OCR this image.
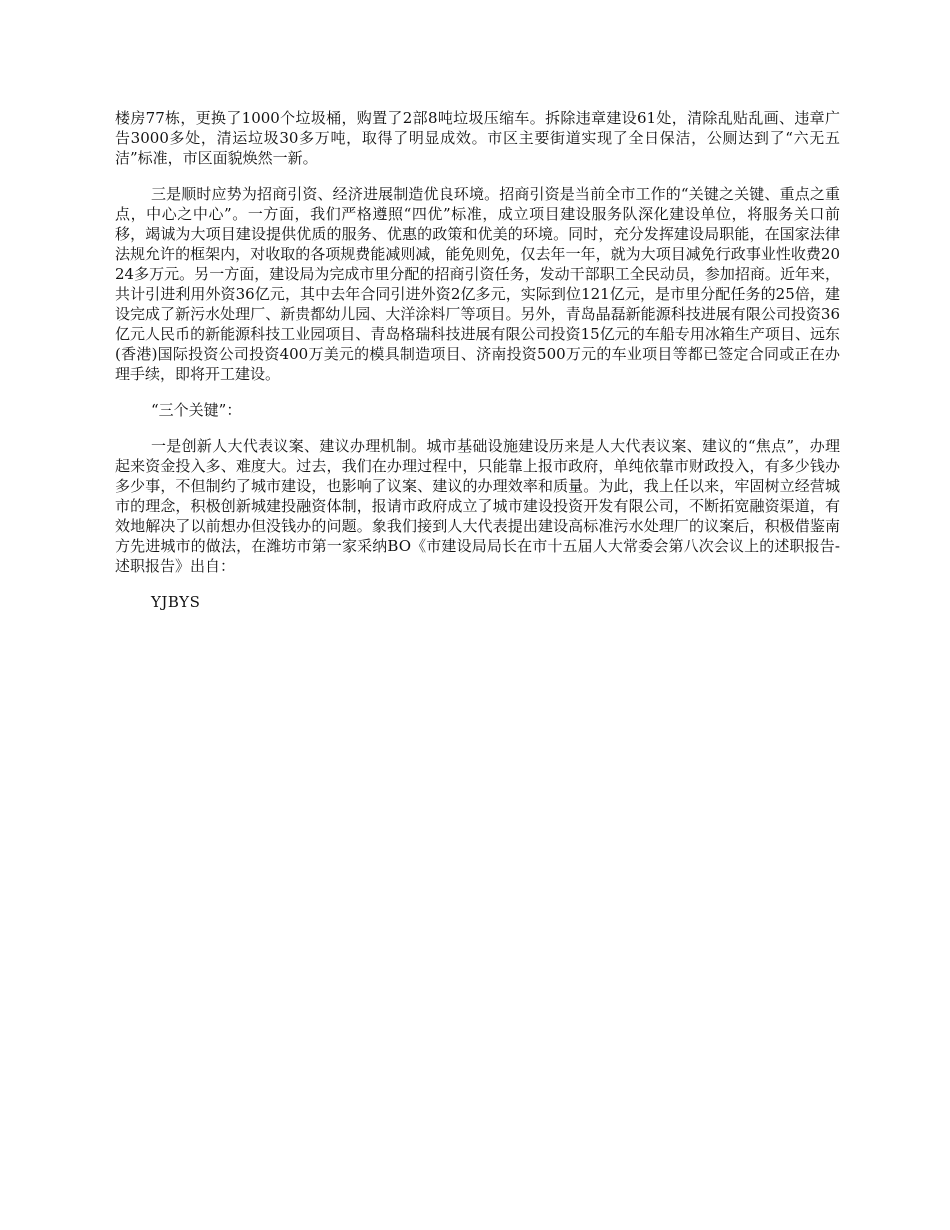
楼房77栋，更换了1000个垃圾桶，购置了2部8吨垃圾压缩车。拆除违章建设61处，清除乱贴乱画、违章广告3000多处，清运垃圾30多万吨，取得了明显成效。市区主要街道实现了全日保洁，公厕达到了“六无五洁”标准，市区面貌焕然一新。

三是顺时应势为招商引资、经济进展制造优良环境。招商引资是当前全市工作的“关键之关键、重点之重点，中心之中心”。一方面，我们严格遵照“四优”标准，成立项目建设服务队深化建设单位，将服务关口前移，竭诚为大项目建设提供优质的服务、优惠的政策和优美的环境。同时，充分发挥建设局职能，在国家法律法规允许的框架内，对收取的各项规费能减则减，能免则免，仅去年一年，就为大项目减免行政事业性收费2024多万元。另一方面，建设局为完成市里分配的招商引资任务，发动干部职工全民动员，参加招商。近年来，共计引进利用外资36亿元，其中去年合同引进外资2亿多元，实际到位121亿元，是市里分配任务的25倍，建设完成了新污水处理厂、新贵都幼儿园、大洋涂料厂等项目。另外，青岛晶磊新能源科技进展有限公司投资36亿元人民币的新能源科技工业园项目、青岛格瑞科技进展有限公司投资15亿元的车船专用冰箱生产项目、远东(香港)国际投资公司投资400万美元的模具制造项目、济南投资500万元的车业项目等都已签定合同或正在办理手续，即将开工建设。

“三个关键”：

一是创新人大代表议案、建议办理机制。城市基础设施建设历来是人大代表议案、建议的“焦点”，办理起来资金投入多、难度大。过去，我们在办理过程中，只能靠上报市政府，单纯依靠市财政投入，有多少钱办多少事，不但制约了城市建设，也影响了议案、建议的办理效率和质量。为此，我上任以来，牢固树立经营城市的理念，积极创新城建投融资体制，报请市政府成立了城市建设投资开发有限公司，不断拓宽融资渠道，有效地解决了以前想办但没钱办的问题。象我们接到人大代表提出建设高标准污水处理厂的议案后，积极借鉴南方先进城市的做法，在潍坊市第一家采纳BO《市建设局局长在市十五届人大常委会第八次会议上的述职报告-述职报告》出自：

YJBYS
